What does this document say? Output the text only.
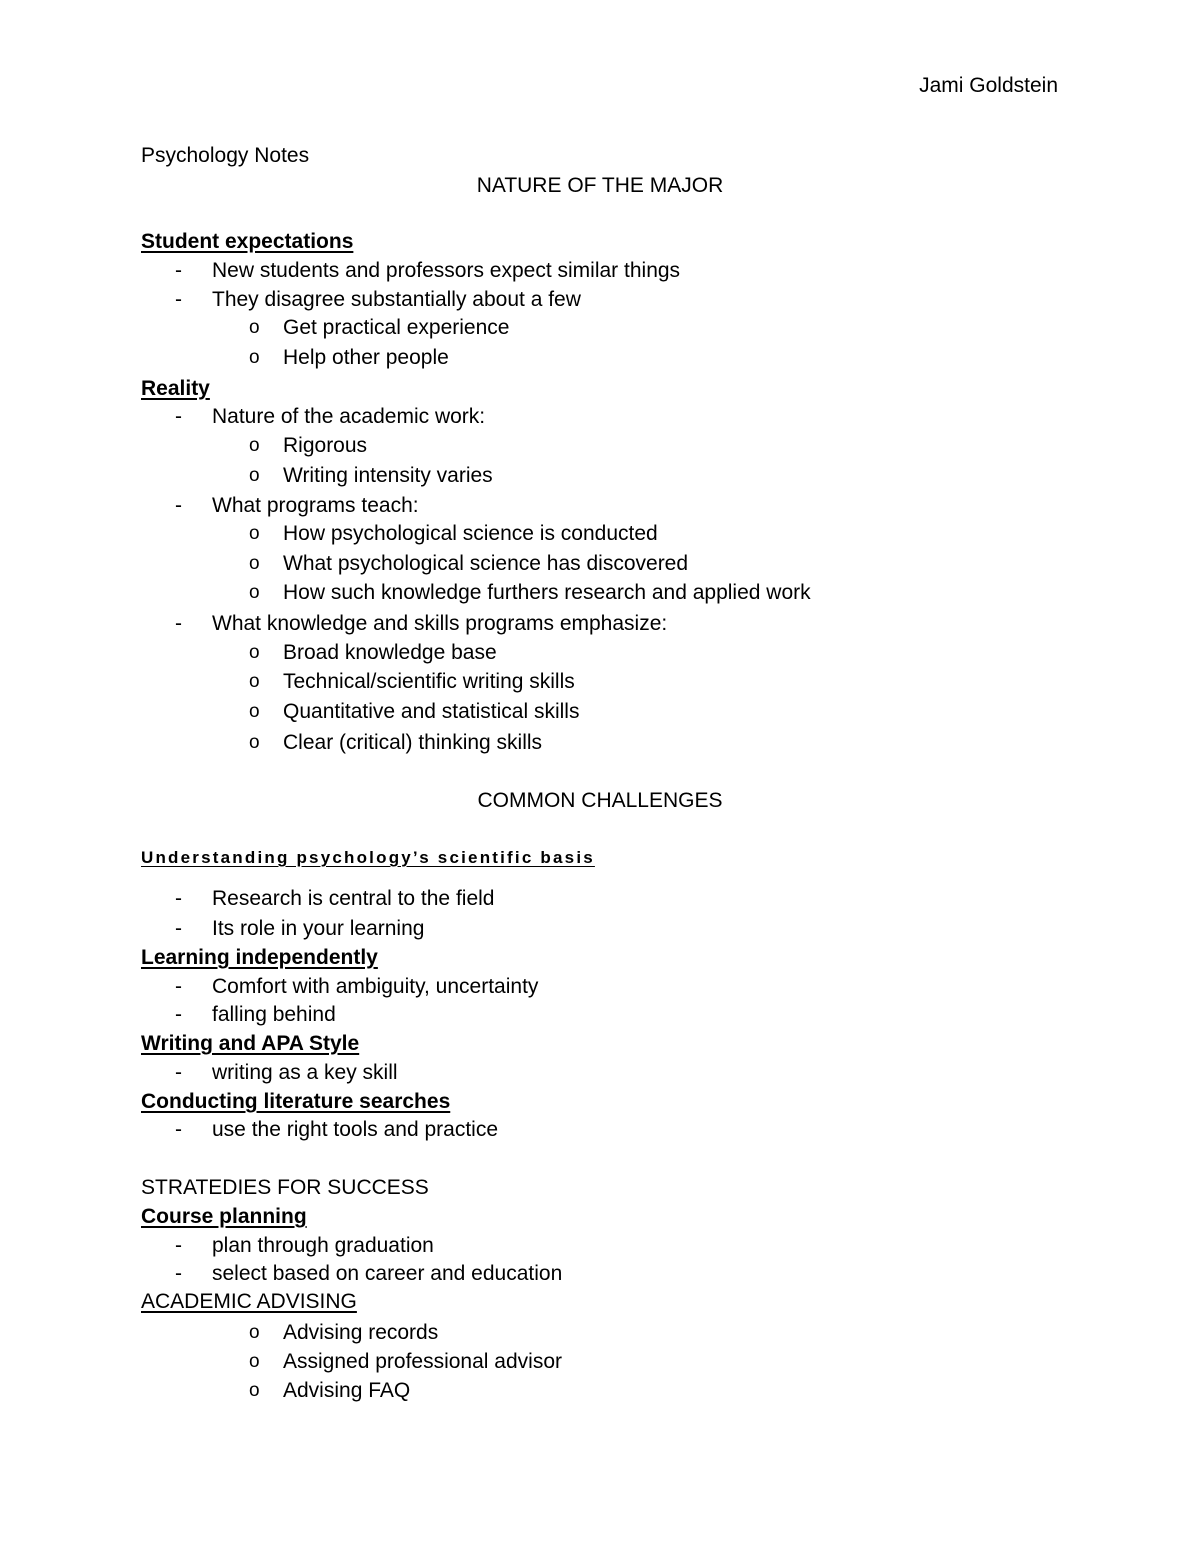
Jami Goldstein
Psychology Notes
NATURE OF THE MAJOR
Student expectations
- New students and professors expect similar things
- They disagree substantially about a few
o Get practical experience
o Help other people
Reality
- Nature of the academic work:
o Rigorous
o Writing intensity varies
- What programs teach:
o How psychological science is conducted
o What psychological science has discovered
o How such knowledge furthers research and applied work
- What knowledge and skills programs emphasize:
o Broad knowledge base
o Technical/scientific writing skills
o Quantitative and statistical skills
o Clear (critical) thinking skills
COMMON CHALLENGES
Understanding psychology’s scientific basis
- Research is central to the field
- Its role in your learning
Learning independently
- Comfort with ambiguity, uncertainty
- falling behind
Writing and APA Style
- writing as a key skill
Conducting literature searches
- use the right tools and practice
STRATEDIES FOR SUCCESS
Course planning
- plan through graduation
- select based on career and education
ACADEMIC ADVISING
o Advising records
o Assigned professional advisor
o Advising FAQ
